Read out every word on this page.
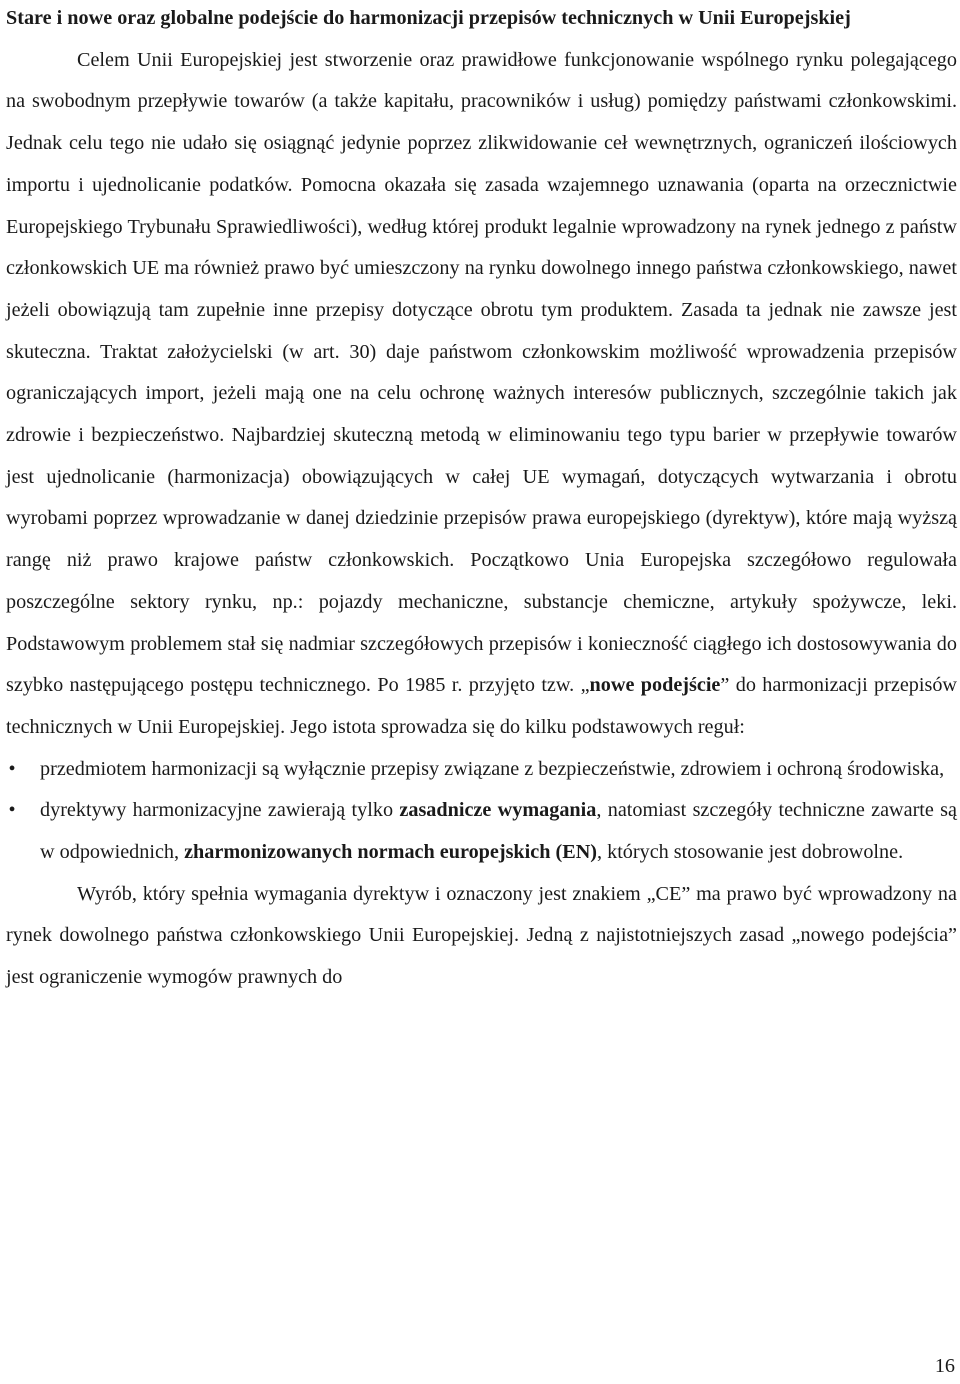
Stare i nowe oraz globalne podejście do harmonizacji przepisów technicznych w Unii Europejskiej

Celem Unii Europejskiej jest stworzenie oraz prawidłowe funkcjonowanie wspólnego rynku polegającego na swobodnym przepływie towarów (a także kapitału, pracowników i usług) pomiędzy państwami członkowskimi. Jednak celu tego nie udało się osiągnąć jedynie poprzez zlikwidowanie ceł wewnętrznych, ograniczeń ilościowych importu i ujednolicanie podatków. Pomocna okazała się zasada wzajemnego uznawania (oparta na orzecznictwie Europejskiego Trybunału Sprawiedliwości), według której produkt legalnie wprowadzony na rynek jednego z państw członkowskich UE ma również prawo być umieszczony na rynku dowolnego innego państwa członkowskiego, nawet jeżeli obowiązują tam zupełnie inne przepisy dotyczące obrotu tym produktem. Zasada ta jednak nie zawsze jest skuteczna. Traktat założycielski (w art. 30) daje państwom członkowskim możliwość wprowadzenia przepisów ograniczających import, jeżeli mają one na celu ochronę ważnych interesów publicznych, szczególnie takich jak zdrowie i bezpieczeństwo. Najbardziej skuteczną metodą w eliminowaniu tego typu barier w przepływie towarów jest ujednolicanie (harmonizacja) obowiązujących w całej UE wymagań, dotyczących wytwarzania i obrotu wyrobami poprzez wprowadzanie w danej dziedzinie przepisów prawa europejskiego (dyrektyw), które mają wyższą rangę niż prawo krajowe państw członkowskich. Początkowo Unia Europejska szczegółowo regulowała poszczególne sektory rynku, np.: pojazdy mechaniczne, substancje chemiczne, artykuły spożywcze, leki. Podstawowym problemem stał się nadmiar szczegółowych przepisów i konieczność ciągłego ich dostosowywania do szybko następującego postępu technicznego. Po 1985 r. przyjęto tzw. „nowe podejście” do harmonizacji przepisów technicznych w Unii Europejskiej. Jego istota sprowadza się do kilku podstawowych reguł:

• przedmiotem harmonizacji są wyłącznie przepisy związane z bezpieczeństwie, zdrowiem i ochroną środowiska,
• dyrektywy harmonizacyjne zawierają tylko zasadnicze wymagania, natomiast szczegóły techniczne zawarte są w odpowiednich, zharmonizowanych normach europejskich (EN), których stosowanie jest dobrowolne.

Wyrób, który spełnia wymagania dyrektyw i oznaczony jest znakiem „CE” ma prawo być wprowadzony na rynek dowolnego państwa członkowskiego Unii Europejskiej. Jedną z najistotniejszych zasad „nowego podejścia” jest ograniczenie wymogów prawnych do

16
